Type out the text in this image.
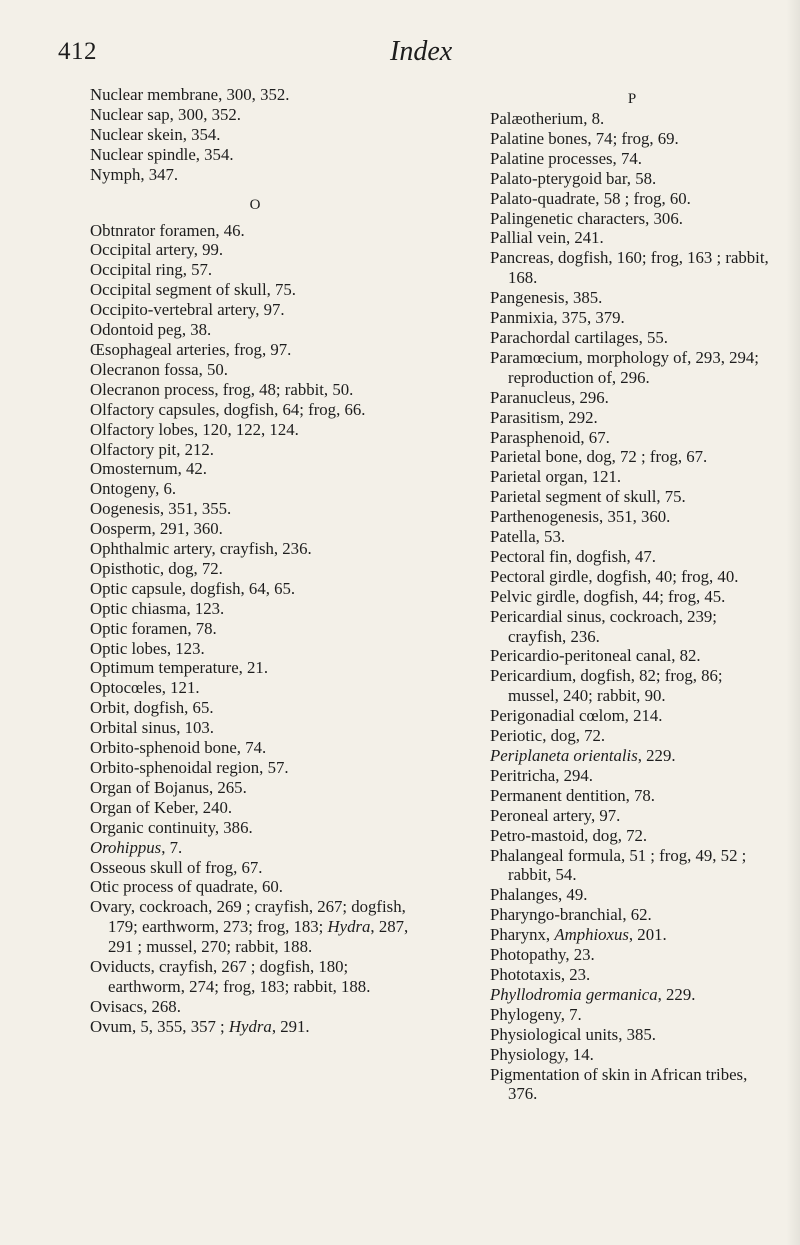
412	Index
Nuclear membrane, 300, 352.
Nuclear sap, 300, 352.
Nuclear skein, 354.
Nuclear spindle, 354.
Nymph, 347.
O
Obtnrator foramen, 46.
Occipital artery, 99.
Occipital ring, 57.
Occipital segment of skull, 75.
Occipito-vertebral artery, 97.
Odontoid peg, 38.
Œsophageal arteries, frog, 97.
Olecranon fossa, 50.
Olecranon process, frog, 48; rabbit, 50.
Olfactory capsules, dogfish, 64; frog, 66.
Olfactory lobes, 120, 122, 124.
Olfactory pit, 212.
Omosternum, 42.
Ontogeny, 6.
Oogenesis, 351, 355.
Oosperm, 291, 360.
Ophthalmic artery, crayfish, 236.
Opisthotic, dog, 72.
Optic capsule, dogfish, 64, 65.
Optic chiasma, 123.
Optic foramen, 78.
Optic lobes, 123.
Optimum temperature, 21.
Optocœles, 121.
Orbit, dogfish, 65.
Orbital sinus, 103.
Orbito-sphenoid bone, 74.
Orbito-sphenoidal region, 57.
Organ of Bojanus, 265.
Organ of Keber, 240.
Organic continuity, 386.
Orohippus, 7.
Osseous skull of frog, 67.
Otic process of quadrate, 60.
Ovary, cockroach, 269 ; crayfish, 267; dogfish, 179; earthworm, 273; frog, 183; Hydra, 287, 291 ; mussel, 270; rabbit, 188.
Oviducts, crayfish, 267 ; dogfish, 180; earthworm, 274; frog, 183; rabbit, 188.
Ovisacs, 268.
Ovum, 5, 355, 357 ; Hydra, 291.
P
Palæotherium, 8.
Palatine bones, 74; frog, 69.
Palatine processes, 74.
Palato-pterygoid bar, 58.
Palato-quadrate, 58 ; frog, 60.
Palingenetic characters, 306.
Pallial vein, 241.
Pancreas, dogfish, 160; frog, 163 ; rabbit, 168.
Pangenesis, 385.
Panmixia, 375, 379.
Parachordal cartilages, 55.
Paramœcium, morphology of, 293, 294; reproduction of, 296.
Paranucleus, 296.
Parasitism, 292.
Parasphenoid, 67.
Parietal bone, dog, 72 ; frog, 67.
Parietal organ, 121.
Parietal segment of skull, 75.
Parthenogenesis, 351, 360.
Patella, 53.
Pectoral fin, dogfish, 47.
Pectoral girdle, dogfish, 40; frog, 40.
Pelvic girdle, dogfish, 44; frog, 45.
Pericardial sinus, cockroach, 239; crayfish, 236.
Pericardio-peritoneal canal, 82.
Pericardium, dogfish, 82; frog, 86; mussel, 240; rabbit, 90.
Perigonadial cœlom, 214.
Periotic, dog, 72.
Periplaneta orientalis, 229.
Peritricha, 294.
Permanent dentition, 78.
Peroneal artery, 97.
Petro-mastoid, dog, 72.
Phalangeal formula, 51 ; frog, 49, 52 ; rabbit, 54.
Phalanges, 49.
Pharyngo-branchial, 62.
Pharynx, Amphioxus, 201.
Photopathy, 23.
Phototaxis, 23.
Phyllodromia germanica, 229.
Phylogeny, 7.
Physiological units, 385.
Physiology, 14.
Pigmentation of skin in African tribes, 376.
